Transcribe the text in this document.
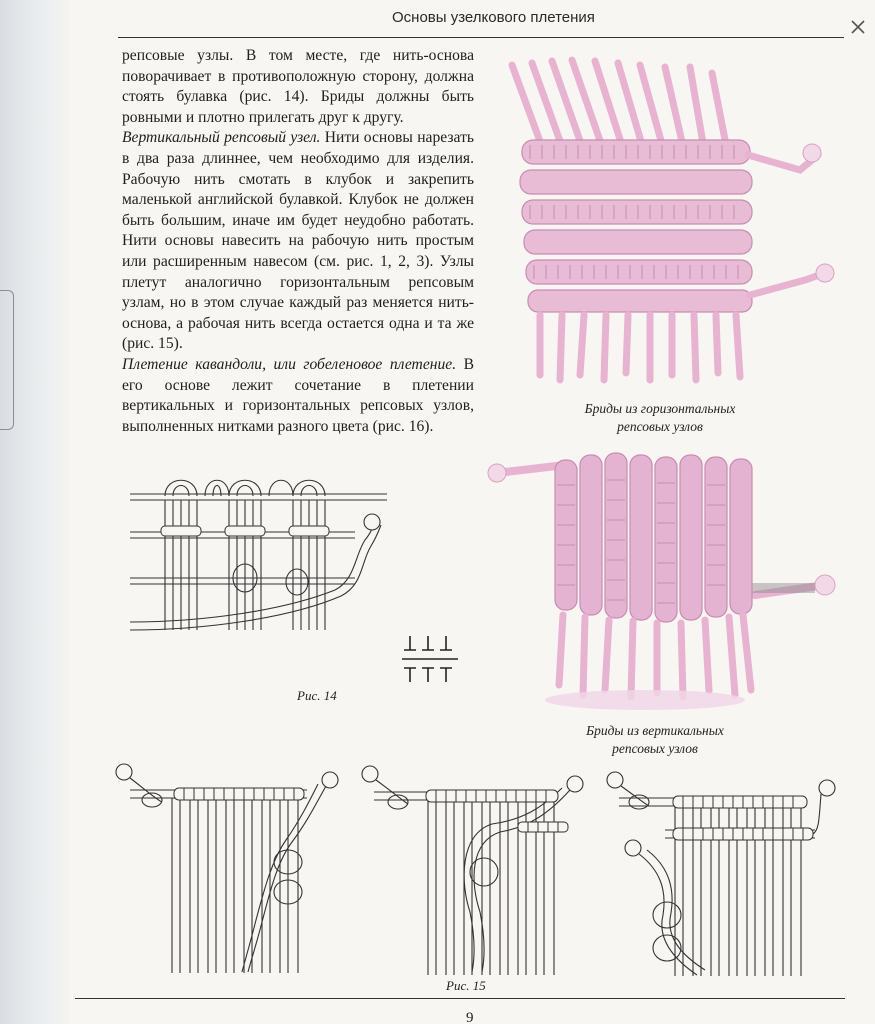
Основы узелкового плетения

репсовые узлы. В том месте, где нить-основа поворачивает в противоположную сторону, должна стоять булавка (рис. 14). Бриды должны быть ровными и плотно прилегать друг к другу.

Вертикальный репсовый узел. Нити основы нарезать в два раза длиннее, чем необходимо для изделия. Рабочую нить смотать в клубок и закрепить маленькой английской булавкой. Клубок не должен быть большим, иначе им будет неудобно работать. Нити основы навесить на рабочую нить простым или расширенным навесом (см. рис. 1, 2, 3). Узлы плетут аналогично горизонтальным репсовым узлам, но в этом случае каждый раз меняется нить-основа, а рабочая нить всегда остается одна и та же (рис. 15).

Плетение кавандоли, или гобеленовое плетение. В его основе лежит сочетание в плетении вертикальных и горизонтальных репсовых узлов, выполненных нитками разного цвета (рис. 16).

Бриды из горизонтальных
репсовых узлов
Бриды из вертикальных
репсовых узлов
Рис. 14
Рис. 15
9
